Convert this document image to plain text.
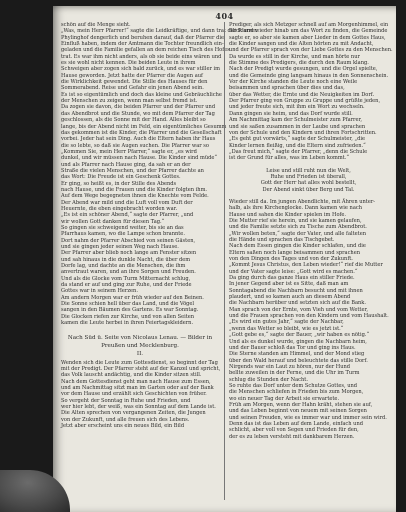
404
schön auf die Menge sieht.
„Was, mein Herr Pfarrer!“ sagte die Leidkräftige, und dann trat der Pfarrer.
Phylinghof dengerlich und beruhen darauf, daß der Pfarrer die
Einfluß haben, indem der Amtmann die Tochter freundlich ein-
geladen und die Familie gefallen an dem reichen Tisch des Hofes
trat. Es war ihm nicht anders, als ob sie beide eins wären und
es sie wohl nicht kennen. Die beiden Leute in ihrem
Schweigen aber zogen sich bald zurück, und es war stiller im
Hause geworden. Jetzt hatte der Pfarrer die Augen auf
die Wirklichkeit gewendet. Die Stille des Hauses für den
Sommerabend. Reise und Gefahr ein jenen Abend sein.
Es ist so eigentümlich und doch das kleine und Gebräuchliche
der Menschen zu zeigen, wenn man selbst fremd ist.
Da zogen sie davon, die beiden Pfarrer und der Pfarrer und
das Abendbrot und die Stunde, wo mit dem Pfarrer der Tag
geschlossen, als die Sonne mit der Hand. Alles bleibt so
lange, bis der Abend nicht im Feld, ein eigentümliches Gesumm
das gekommen ist die Kinder, die Pfarrer und die Gesellschaft
vorbei. Jeder hat sein Ding. Auch die Eltern haben ihr Haus
die so lebte, so daß sie Augen suchen. Die Pfarrer war so
„Kommen Sie, mein Herr Pfarrer,“ sagte er, „es wird
dunkel, und wir müssen nach Hause. Die Kinder sind müde“
und als Pfarrer nach Hause ging, da sah er an der
Straße die vielen Menschen, und der Pfarrer dachte an
das Wort: Die Freude ist ein Geschenk Gottes.
Er ging, so heißt es, in der Stille des Abends
nach Hause, und die Frauen und die Kinder folgten ihm.
Auf dem Wege begegneten ihnen die Knechte vom Felde.
Der Abend war mild und die Luft voll vom Duft der
Heuernte, die eben eingebracht worden war.
„Es ist ein schöner Abend,“ sagte der Pfarrer, „und
wir wollen Gott danken für diesen Tag.“
So gingen sie schweigend weiter, bis sie an das
Pfarrhaus kamen, wo die Lampe schon brannte.
Dort nahm der Pfarrer Abschied von seinen Gästen,
und sie gingen jeder seinen Weg nach Hause.
Der Pfarrer aber blieb noch lange am Fenster sitzen
und sah hinaus in die dunkle Nacht, die über dem
Dorfe lag, und dachte an die Menschen, die ihm
anvertraut waren, und an ihre Sorgen und Freuden.
Und als die Glocke vom Turm Mitternacht schlug,
da stand er auf und ging zur Ruhe, und der Friede
Gottes war in seinem Herzen.
Am andern Morgen war er früh wieder auf den Beinen.
Die Sonne schien hell über das Land, und die Vögel
sangen in den Bäumen des Gartens. Es war Sonntag.
Die Glocken riefen zur Kirche, und von allen Seiten
kamen die Leute herbei in ihren Feiertagskleidern.
Nach Süd ü. Seite von Nicolaus Lenau. — Bilder in
Preußen und Mecklenburg.
II.
Wenden sich die Leute zum Gottesdienst, so beginnt der Tag
mit der Predigt. Der Pfarrer steht auf der Kanzel und spricht,
das Volk lauscht andächtig, und die Kinder sitzen still.
Nach dem Gottesdienst geht man nach Hause zum Essen,
und am Nachmittag sitzt man im Garten oder auf der Bank
vor dem Hause und erzählt sich Geschichten von früher.
So vergeht der Sonntag in Ruhe und Frieden, und
wer hier lebt, der weiß, was ein Sonntag auf dem Lande ist.
Die Alten sprechen von vergangenen Zeiten, die Jungen
von der Zukunft, und alle freuen sich des Lebens.
Jetzt aber erscheint uns ein neues Bild, ein Bild
Prediger, als sich Metzger schnell auf am Morgenhimmel, ein
Blick und wieder hinab um das Wort zu finden, die Gemeinde
sagte er, so aber sie kamen aber Lieder in dem Gottes Haus,
die Kinder sangen und die Alten hörten zu mit Andacht,
und der Pfarrer sprach von der Liebe Gottes zu den Menschen.
Da wurde es still in der Kirche, und man hörte nur
die Stimme des Predigers, die durch den Raum klang.
Nach der Predigt wurde gesungen, und die Orgel spielte,
und die Gemeinde ging langsam hinaus in den Sonnenschein.
Vor der Kirche standen die Leute noch eine Weile
beisammen und sprachen über dies und das,
über das Wetter, die Ernte und die Neuigkeiten im Dorf.
Der Pfarrer ging von Gruppe zu Gruppe und grüßte jeden,
und jeder freute sich, mit ihm ein Wort zu wechseln.
Dann gingen sie heim, und das Dorf wurde still.
Am Nachmittag kam der Schulmeister zum Pfarrer,
und sie saßen zusammen in der Laube und sprachen
von der Schule und den Kindern und ihren Fortschritten.
„Es geht gut vorwärts,“ sagte der Schulmeister, „die
Kinder lernen fleißig, und die Eltern sind zufrieden.“
„Das freut mich,“ sagte der Pfarrer, „denn die Schule
ist der Grund für alles, was im Leben kommt.“
Leise und still ruht nun die Welt,
Ruhe und Frieden ist überall,
Gott der Herr hat alles wohl bestellt,
Der Abend sinkt über Berg und Tal.
Wieder still da. Im jungen Abendlichte, mit Ähren unter-
halb, als ihre Kirchenglocke. Dann kamen wie nach
Hause und sahen die Kinder spielen im Hofe.
Die Mutter rief sie herein, und sie kamen gelaufen,
und die Familie setzte sich zu Tische zum Abendbrot.
„Wir wollen beten,“ sagte der Vater, und alle falteten
die Hände und sprachen das Tischgebet.
Nach dem Essen gingen die Kinder schlafen, und die
Eltern saßen noch lange beisammen und sprachen
von den Dingen des Tages und von der Zukunft.
„Kommt Jesus Christus, den Leben wieder!“ rief die Mutter
und der Vater sagte leise: „Gott wird es machen.“
Da ging durch das ganze Haus ein stiller Friede.
In jener Gegend aber ist es Sitte, daß man am
Sonntagabend die Nachbarn besucht und mit ihnen
plaudert, und so kamen auch an diesem Abend
die Nachbarn herüber und setzten sich auf die Bank.
Man sprach von der Ernte, vom Vieh und vom Wetter,
und die Frauen sprachen von den Kindern und vom Haushalt.
„Es wird ein gutes Jahr,“ sagte der Nachbar,
„wenn das Wetter so bleibt, wie es jetzt ist.“
„Gott gebe es,“ sagte der Bauer, „wir haben es nötig.“
Und als es dunkel wurde, gingen die Nachbarn heim,
und der Bauer schloß das Tor und ging ins Haus.
Die Sterne standen am Himmel, und der Mond stieg
über den Wald herauf und beleuchtete das stille Dorf.
Nirgends war ein Laut zu hören, nur der Hund
bellte zuweilen in der Ferne, und die Uhr im Turm
schlug die Stunden der Nacht.
So ruhte das Dorf unter dem Schutze Gottes, und
die Menschen schliefen in Frieden bis zum Morgen,
wo ein neuer Tag der Arbeit sie erwartete.
Früh am Morgen, wenn der Hahn kräht, stehen sie auf,
und das Leben beginnt von neuem mit seinen Sorgen
und seinen Freuden, wie es immer war und immer sein wird.
Denn das ist das Leben auf dem Lande, einfach und
schlicht, aber voll von Segen und Frieden für den,
der es zu leben versteht mit dankbarem Herzen.
